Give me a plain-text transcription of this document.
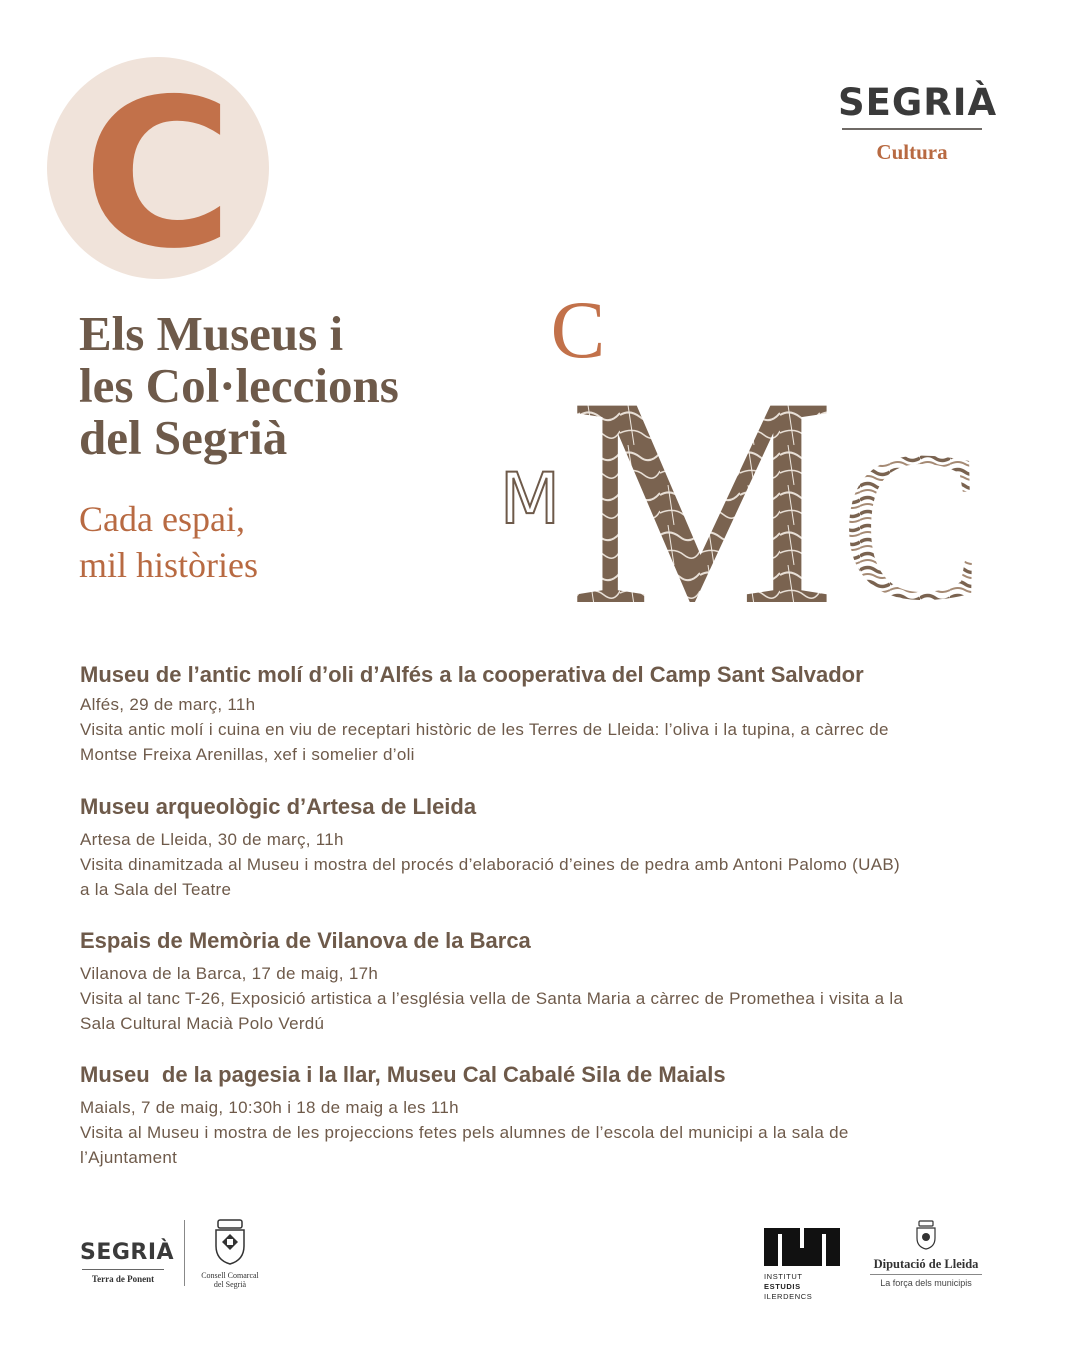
C	SEGRIÀ
Cultura
Els Museus i
les Col·leccions
del Segrià
Cada espai,
mil històries
C
M M C
Museu de l’antic molí d’oli d’Alfés a la cooperativa del Camp Sant Salvador
Alfés, 29 de març, 11h
Visita antic molí i cuina en viu de receptari històric de les Terres de Lleida: l’oliva i la tupina, a càrrec de
Montse Freixa Arenillas, xef i somelier d’oli
Museu arqueològic d’Artesa de Lleida
Artesa de Lleida, 30 de març, 11h
Visita dinamitzada al Museu i mostra del procés d’elaboració d’eines de pedra amb Antoni Palomo (UAB)
a la Sala del Teatre
Espais de Memòria de Vilanova de la Barca
Vilanova de la Barca, 17 de maig, 17h
Visita al tanc T-26, Exposició artistica a l’església vella de Santa Maria a càrrec de Promethea i visita a la
Sala Cultural Macià Polo Verdú
Museu  de la pagesia i la llar, Museu Cal Cabalé Sila de Maials
Maials, 7 de maig, 10:30h i 18 de maig a les 11h
Visita al Museu i mostra de les projeccions fetes pels alumnes de l’escola del municipi a la sala de
l’Ajuntament
SEGRIÀ
Terra de Ponent	Consell Comarcal
del Segrià
INSTITUT
ESTUDIS
ILERDENCS
Diputació de Lleida
La força dels municipis
